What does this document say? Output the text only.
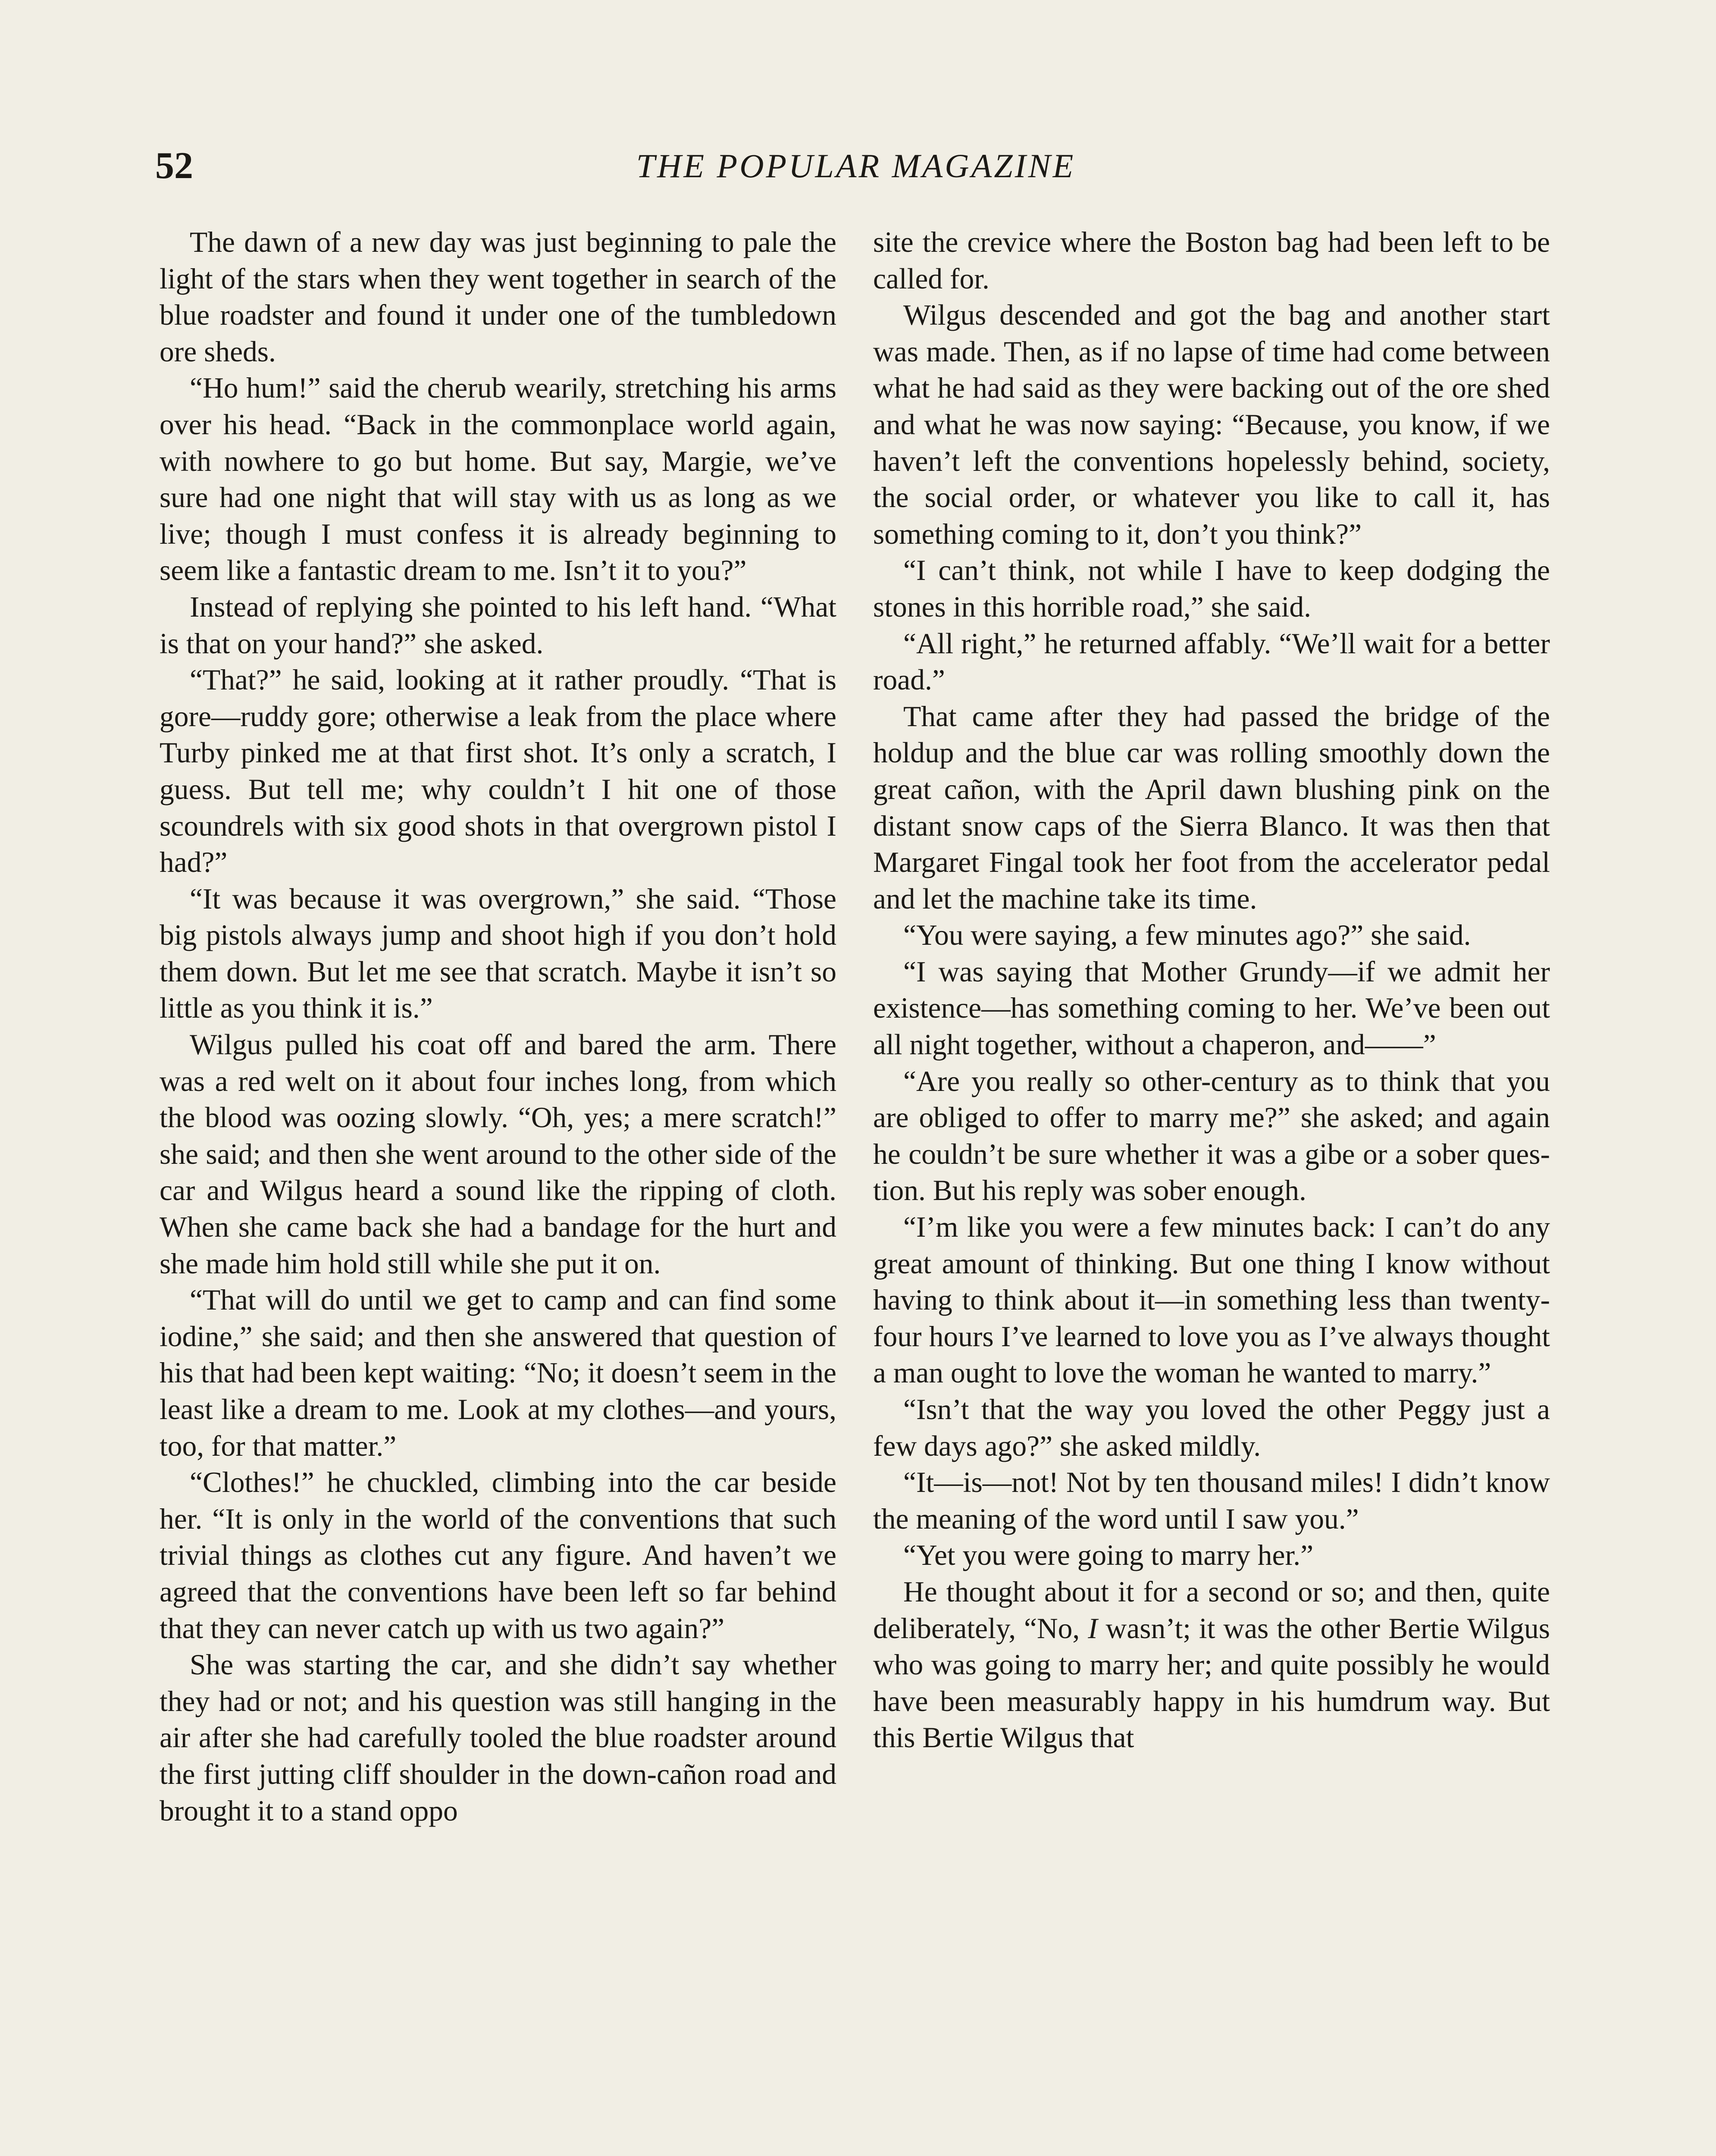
52	THE POPULAR MAGAZINE

The dawn of a new day was just beginning to pale the light of the stars when they went together in search of the blue roadster and found it under one of the tumbledown ore sheds.

“Ho hum!” said the cherub wearily, stretching his arms over his head. “Back in the commonplace world again, with nowhere to go but home. But say, Margie, we’ve sure had one night that will stay with us as long as we live; though I must confess it is already beginning to seem like a fantastic dream to me. Isn’t it to you?”

Instead of replying she pointed to his left hand. “What is that on your hand?” she asked.

“That?” he said, looking at it rather proudly. “That is gore—ruddy gore; otherwise a leak from the place where Turby pinked me at that first shot. It’s only a scratch, I guess. But tell me; why couldn’t I hit one of those scoundrels with six good shots in that overgrown pistol I had?”

“It was because it was overgrown,” she said. “Those big pistols always jump and shoot high if you don’t hold them down. But let me see that scratch. Maybe it isn’t so little as you think it is.”

Wilgus pulled his coat off and bared the arm. There was a red welt on it about four inches long, from which the blood was oozing slowly. “Oh, yes; a mere scratch!” she said; and then she went around to the other side of the car and Wilgus heard a sound like the ripping of cloth. When she came back she had a bandage for the hurt and she made him hold still while she put it on.

“That will do until we get to camp and can find some iodine,” she said; and then she answered that question of his that had been kept waiting: “No; it doesn’t seem in the least like a dream to me. Look at my clothes—and yours, too, for that matter.”

“Clothes!” he chuckled, climbing into the car beside her. “It is only in the world of the conventions that such trivial things as clothes cut any figure. And haven’t we agreed that the conventions have been left so far behind that they can never catch up with us two again?”

She was starting the car, and she didn’t say whether they had or not; and his question was still hanging in the air after she had carefully tooled the blue roadster around the first jutting cliff shoulder in the down-cañon road and brought it to a stand oppo

site the crevice where the Boston bag had been left to be called for.

Wilgus descended and got the bag and another start was made. Then, as if no lapse of time had come between what he had said as they were backing out of the ore shed and what he was now saying: “Because, you know, if we haven’t left the conventions hopelessly behind, society, the social order, or whatever you like to call it, has something coming to it, don’t you think?”

“I can’t think, not while I have to keep dodging the stones in this horrible road,” she said.

“All right,” he returned affably. “We’ll wait for a better road.”

That came after they had passed the bridge of the holdup and the blue car was rolling smoothly down the great cañon, with the April dawn blushing pink on the distant snow caps of the Sierra Blanco. It was then that Margaret Fingal took her foot from the accelerator pedal and let the machine take its time.

“You were saying, a few minutes ago?” she said.

“I was saying that Mother Grundy—if we admit her existence—has something coming to her. We’ve been out all night together, without a chaperon, and——”

“Are you really so other-century as to think that you are obliged to offer to marry me?” she asked; and again he couldn’t be sure whether it was a gibe or a sober question. But his reply was sober enough.

“I’m like you were a few minutes back: I can’t do any great amount of thinking. But one thing I know without having to think about it—in something less than twenty-four hours I’ve learned to love you as I’ve always thought a man ought to love the woman he wanted to marry.”

“Isn’t that the way you loved the other Peggy just a few days ago?” she asked mildly.

“It—is—not! Not by ten thousand miles! I didn’t know the meaning of the word until I saw you.”

“Yet you were going to marry her.”

He thought about it for a second or so; and then, quite deliberately, “No, I wasn’t; it was the other Bertie Wilgus who was going to marry her; and quite possibly he would have been measurably happy in his humdrum way. But this Bertie Wilgus that
